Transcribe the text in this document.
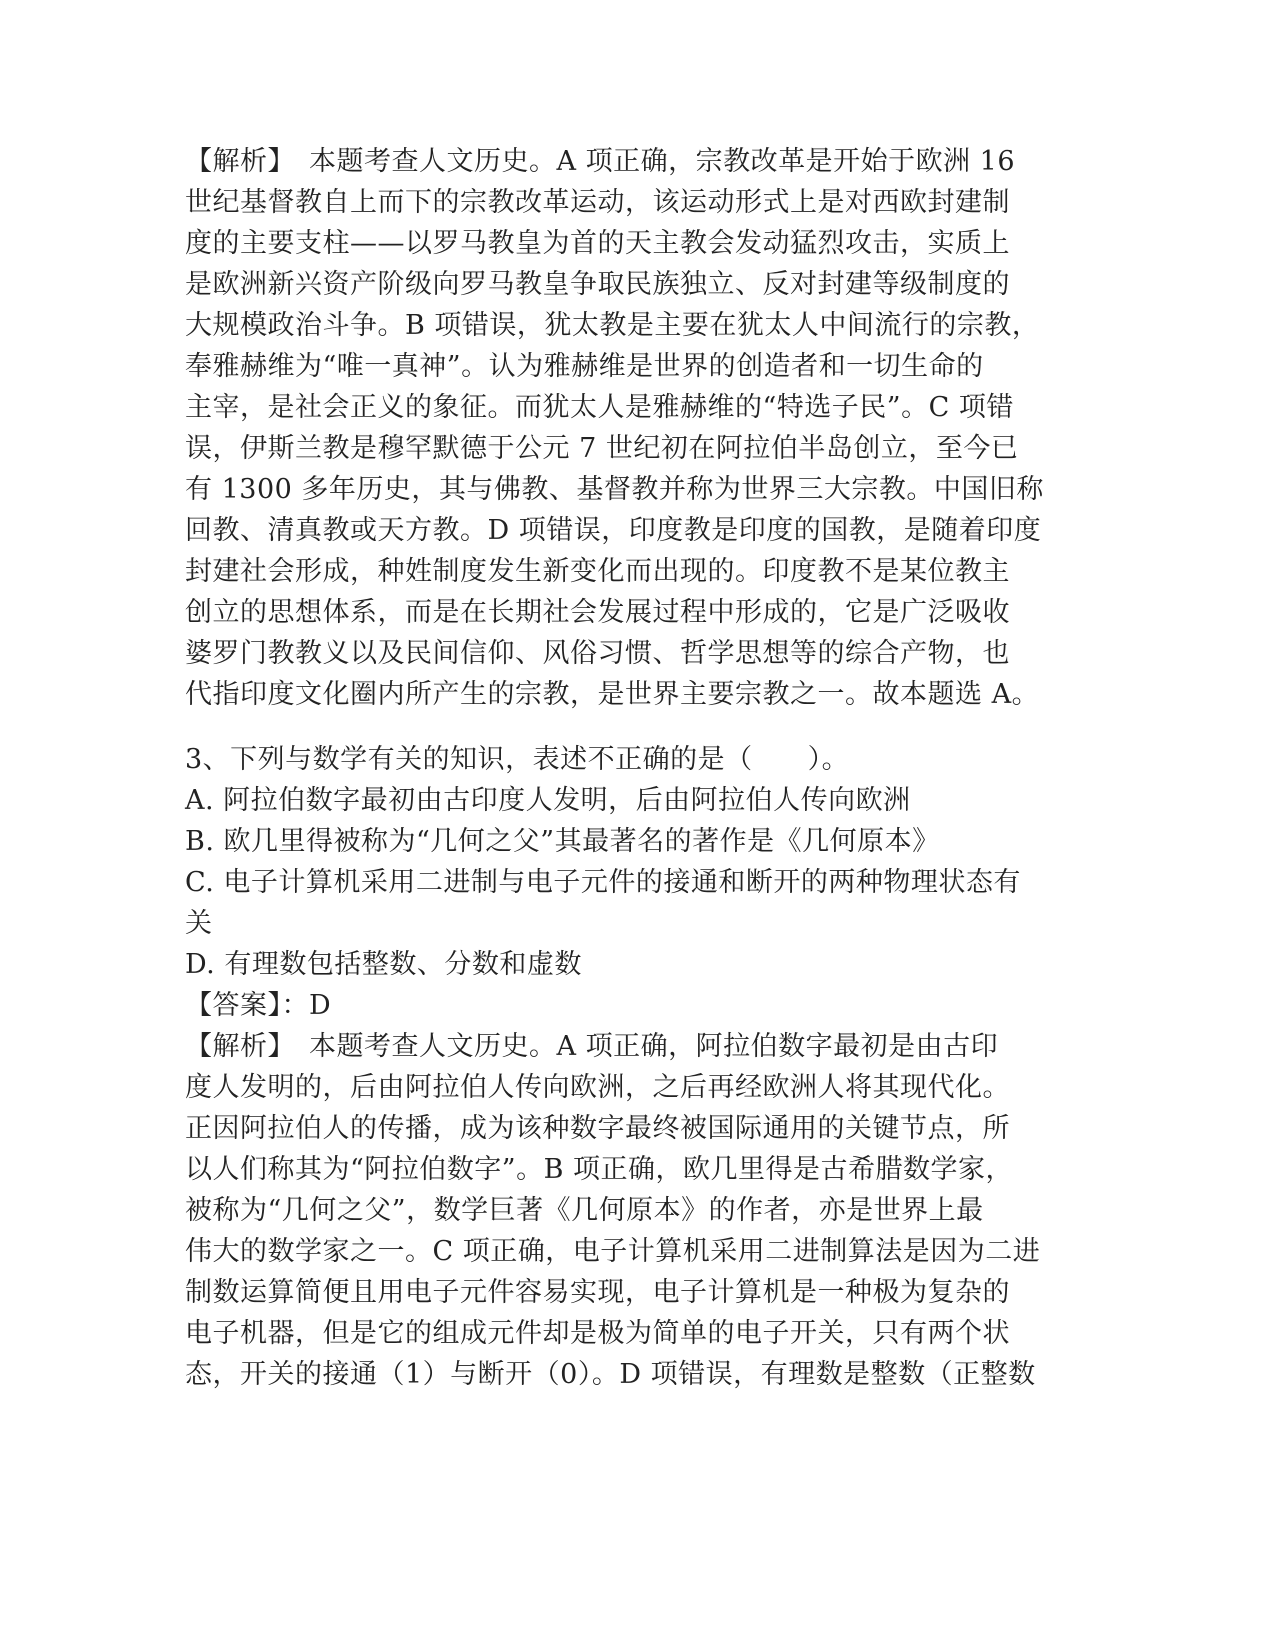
【解析】　本题考查人文历史。A 项正确，宗教改革是开始于欧洲 16
世纪基督教自上而下的宗教改革运动，该运动形式上是对西欧封建制
度的主要支柱——以罗马教皇为首的天主教会发动猛烈攻击，实质上
是欧洲新兴资产阶级向罗马教皇争取民族独立、反对封建等级制度的
大规模政治斗争。B 项错误，犹太教是主要在犹太人中间流行的宗教，
奉雅赫维为“唯一真神”。认为雅赫维是世界的创造者和一切生命的
主宰，是社会正义的象征。而犹太人是雅赫维的“特选子民”。C 项错
误，伊斯兰教是穆罕默德于公元 7 世纪初在阿拉伯半岛创立，至今已
有 1300 多年历史，其与佛教、基督教并称为世界三大宗教。中国旧称
回教、清真教或天方教。D 项错误，印度教是印度的国教，是随着印度
封建社会形成，种姓制度发生新变化而出现的。印度教不是某位教主
创立的思想体系，而是在长期社会发展过程中形成的，它是广泛吸收
婆罗门教教义以及民间信仰、风俗习惯、哲学思想等的综合产物，也
代指印度文化圈内所产生的宗教，是世界主要宗教之一。故本题选 A。
3、下列与数学有关的知识，表述不正确的是（　　）。
A. 阿拉伯数字最初由古印度人发明，后由阿拉伯人传向欧洲
B. 欧几里得被称为“几何之父”其最著名的著作是《几何原本》
C. 电子计算机采用二进制与电子元件的接通和断开的两种物理状态有
关
D. 有理数包括整数、分数和虚数
【答案】：D
【解析】　本题考查人文历史。A 项正确，阿拉伯数字最初是由古印
度人发明的，后由阿拉伯人传向欧洲，之后再经欧洲人将其现代化。
正因阿拉伯人的传播，成为该种数字最终被国际通用的关键节点，所
以人们称其为“阿拉伯数字”。B 项正确，欧几里得是古希腊数学家，
被称为“几何之父”，数学巨著《几何原本》的作者，亦是世界上最
伟大的数学家之一。C 项正确，电子计算机采用二进制算法是因为二进
制数运算简便且用电子元件容易实现，电子计算机是一种极为复杂的
电子机器，但是它的组成元件却是极为简单的电子开关，只有两个状
态，开关的接通（1）与断开（0）。D 项错误，有理数是整数（正整数
